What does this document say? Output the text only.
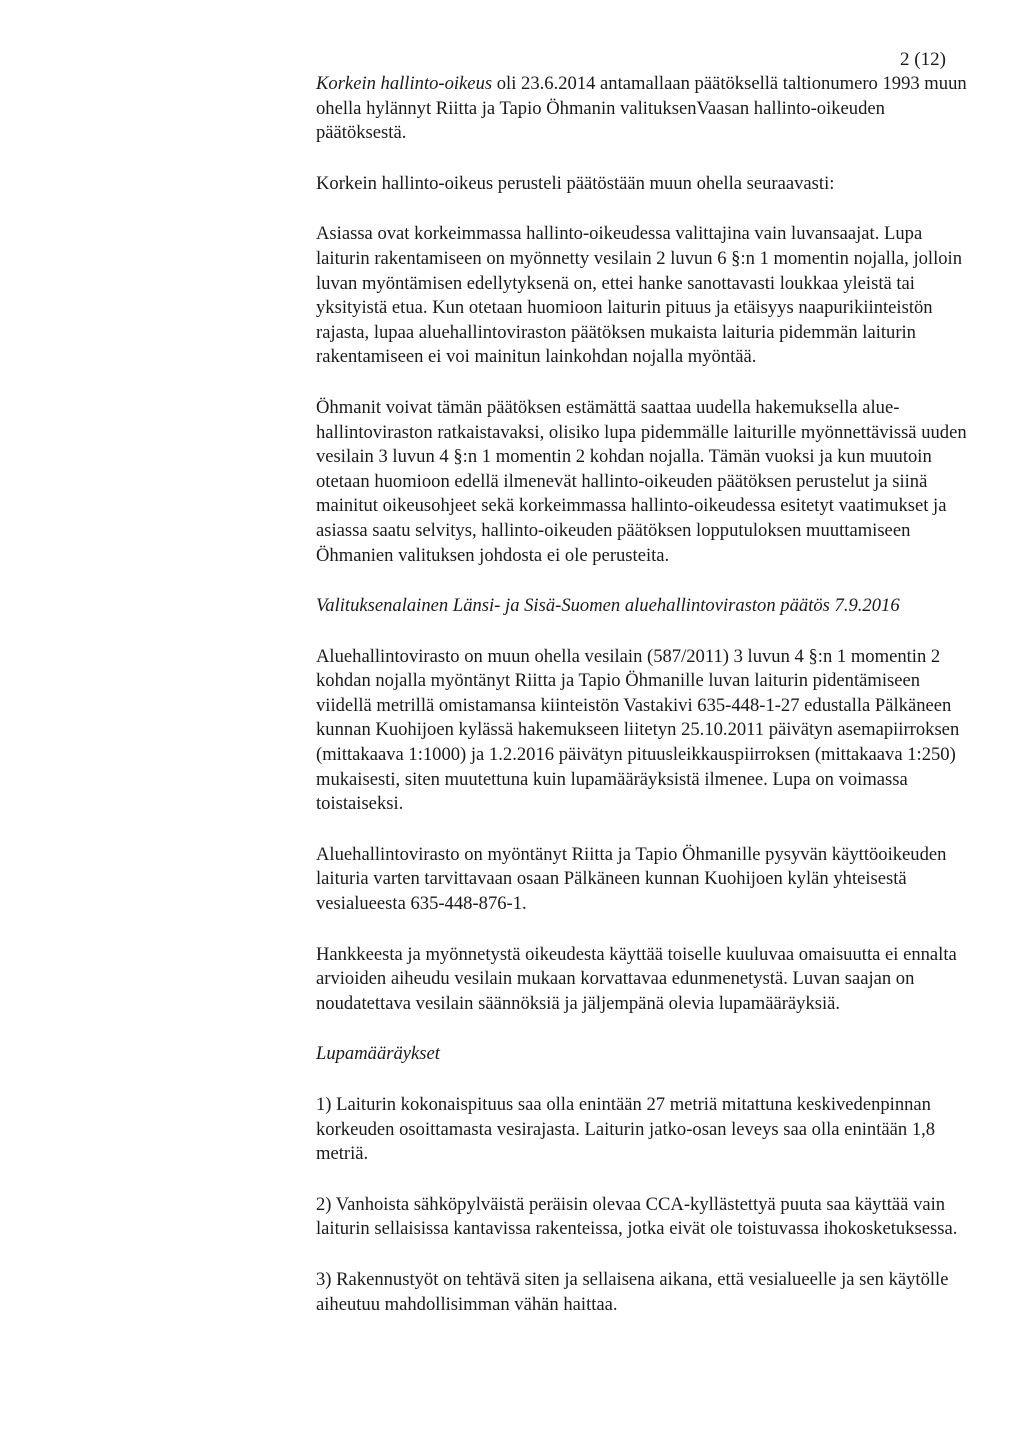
2 (12)

Korkein hallinto-oikeus oli 23.6.2014 antamallaan päätöksellä taltionumero 1993 muun ohella hylännyt Riitta ja Tapio Öhmanin valituksenVaasan hallinto-oikeuden päätöksestä.

Korkein hallinto-oikeus perusteli päätöstään muun ohella seuraavasti:

Asiassa ovat korkeimmassa hallinto-oikeudessa valittajina vain luvansaajat. Lupa laiturin rakentamiseen on myönnetty vesilain 2 luvun 6 §:n 1 momentin nojalla, jolloin luvan myöntämisen edellytyksenä on, ettei hanke sanottavasti loukkaa yleistä tai yksityistä etua. Kun otetaan huomioon laiturin pituus ja etäisyys naapurikiinteistön rajasta, lupaa aluehallintoviraston päätöksen mukaista laituria pidemmän laiturin rakentamiseen ei voi mainitun lainkohdan nojalla myöntää.

Öhmanit voivat tämän päätöksen estämättä saattaa uudella hakemuksella aluehallintoviraston ratkaistavaksi, olisiko lupa pidemmälle laiturille myönnettävissä uuden vesilain 3 luvun 4 §:n 1 momentin 2 kohdan nojalla. Tämän vuoksi ja kun muutoin otetaan huomioon edellä ilmenevät hallinto-oikeuden päätöksen perustelut ja siinä mainitut oikeusohjeet sekä korkeimmassa hallinto-oikeudessa esitetyt vaatimukset ja asiassa saatu selvitys, hallinto-oikeuden päätöksen lopputuloksen muuttamiseen Öhmanien valituksen johdosta ei ole perusteita.

Valituksenalainen Länsi- ja Sisä-Suomen aluehallintoviraston päätös 7.9.2016

Aluehallintovirasto on muun ohella vesilain (587/2011) 3 luvun 4 §:n 1 momentin 2 kohdan nojalla myöntänyt Riitta ja Tapio Öhmanille luvan laiturin pidentämiseen viidellä metrillä omistamansa kiinteistön Vastakivi 635-448-1-27 edustalla Pälkäneen kunnan Kuohijoen kylässä hakemukseen liitetyn 25.10.2011 päivätyn asemapiirroksen (mittakaava 1:1000) ja 1.2.2016 päivätyn pituusleikkauspiirroksen (mittakaava 1:250) mukaisesti, siten muutettuna kuin lupamääräyksistä ilmenee. Lupa on voimassa toistaiseksi.

Aluehallintovirasto on myöntänyt Riitta ja Tapio Öhmanille pysyvän käyttöoikeuden laituria varten tarvittavaan osaan Pälkäneen kunnan Kuohijoen kylän yhteisestä vesialueesta 635-448-876-1.

Hankkeesta ja myönnetystä oikeudesta käyttää toiselle kuuluvaa omaisuutta ei ennalta arvioiden aiheudu vesilain mukaan korvattavaa edunmenetystä. Luvan saajan on noudatettava vesilain säännöksiä ja jäljempänä olevia lupamääräyksiä.

Lupamääräykset

1) Laiturin kokonaispituus saa olla enintään 27 metriä mitattuna keskivedenpinnan korkeuden osoittamasta vesirajasta. Laiturin jatko-osan leveys saa olla enintään 1,8 metriä.

2) Vanhoista sähköpylväistä peräisin olevaa CCA-kyllästettyä puuta saa käyttää vain laiturin sellaisissa kantavissa rakenteissa, jotka eivät ole toistuvassa ihokosketuksessa.

3) Rakennustyöt on tehtävä siten ja sellaisena aikana, että vesialueelle ja sen käytölle aiheutuu mahdollisimman vähän haittaa.
